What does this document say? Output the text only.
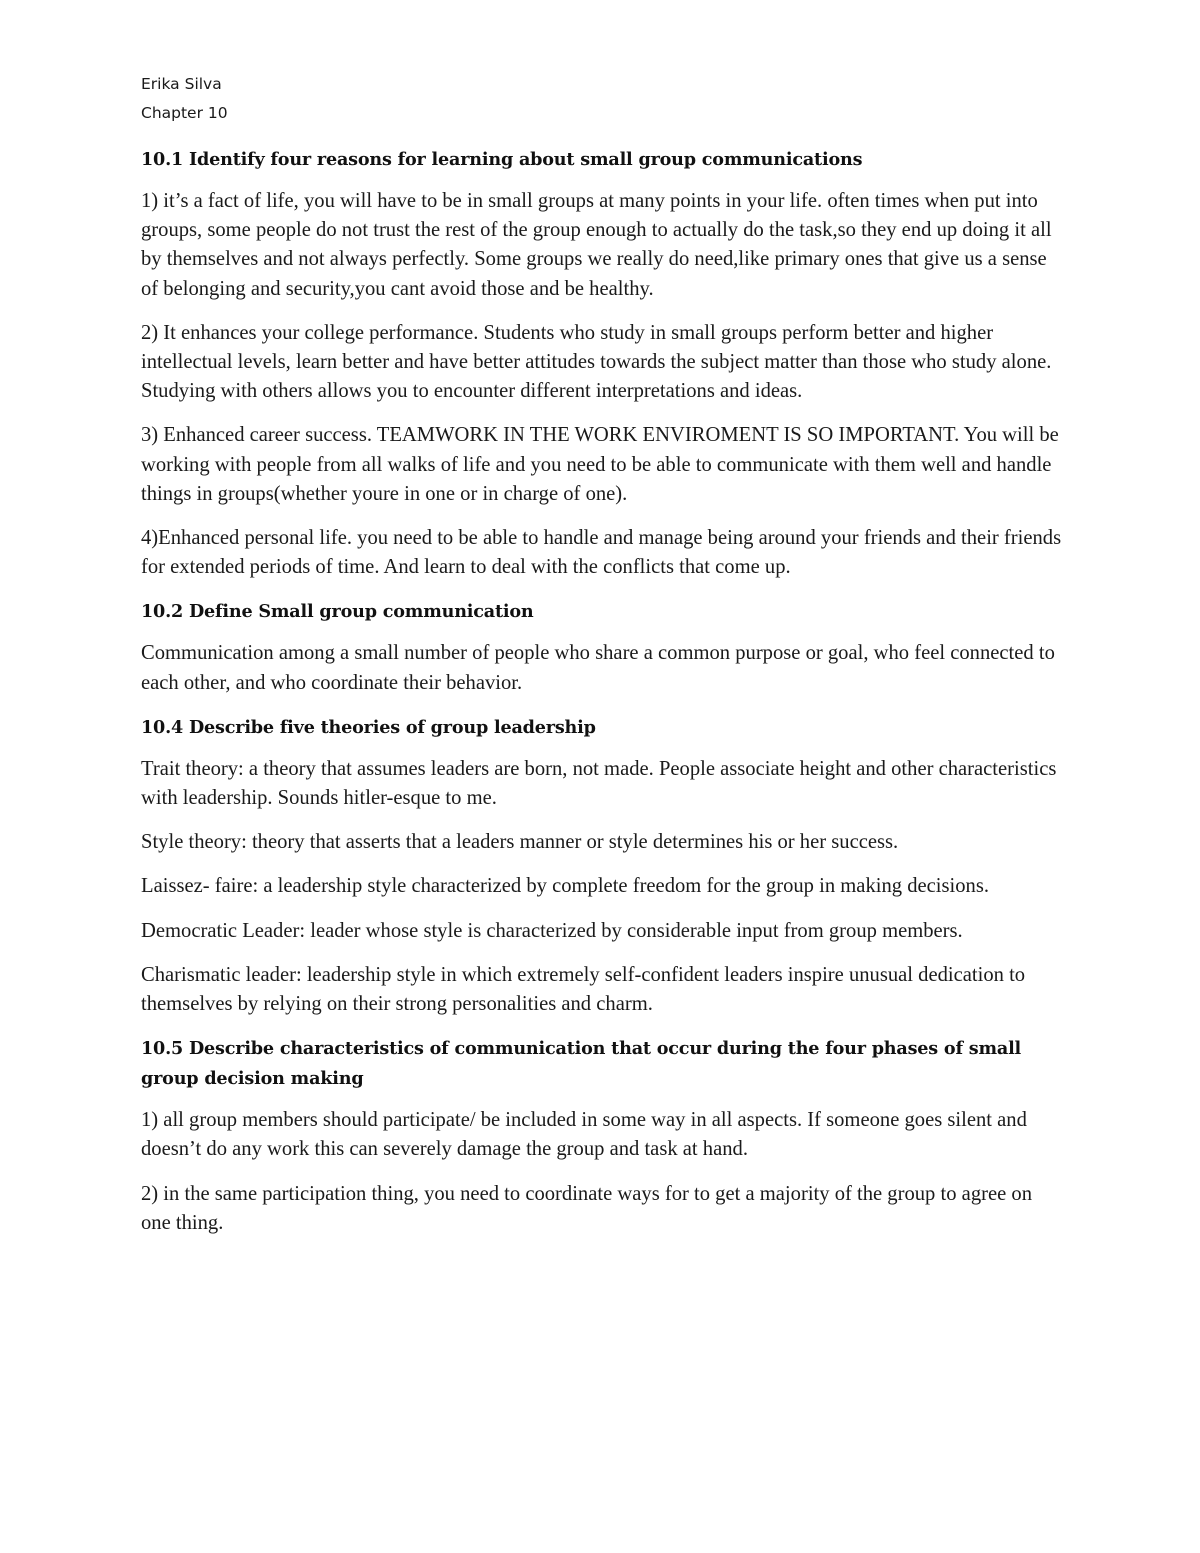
Erika Silva

Chapter 10

10.1 Identify four reasons for learning about small group communications

1) it’s a fact of life, you will have to be in small groups at many points in your life. often times when put into groups, some people do not trust the rest of the group enough to actually do the task,so they end up doing it all by themselves and not always perfectly. Some groups we really do need,like primary ones that give us a sense of belonging and security,you cant avoid those and be healthy.

2) It enhances your college performance. Students who study in small groups perform better and higher intellectual levels, learn better and have better attitudes towards the subject matter than those who study alone. Studying with others allows you to encounter different interpretations and ideas.

3) Enhanced career success. TEAMWORK IN THE WORK ENVIROMENT IS SO IMPORTANT. You will be working with people from all walks of life and you need to be able to communicate with them well and handle things in groups(whether youre in one or in charge of one).

4)Enhanced personal life. you need to be able to handle and manage being around your friends and their friends for extended periods of time. And learn to deal with the conflicts that come up.

10.2 Define Small group communication

Communication among a small number of people who share a common purpose or goal, who feel connected to each other, and who coordinate their behavior.

10.4 Describe five theories of group leadership

Trait theory: a theory that assumes leaders are born, not made. People associate height and other characteristics with leadership. Sounds hitler-esque to me.

Style theory: theory that asserts that a leaders manner or style determines his or her success.

Laissez- faire: a leadership style characterized by complete freedom for the group in making decisions.

Democratic Leader: leader whose style is characterized by considerable input from group members.

Charismatic leader: leadership style in which extremely self-confident leaders inspire unusual dedication to themselves by relying on their strong personalities and charm.

10.5 Describe characteristics of communication that occur during the four phases of small group decision making

1) all group members should participate/ be included in some way in all aspects. If someone goes silent and doesn’t do any work this can severely damage the group and task at hand.

2) in the same participation thing, you need to coordinate ways for to get a majority of the group to agree on one thing.
